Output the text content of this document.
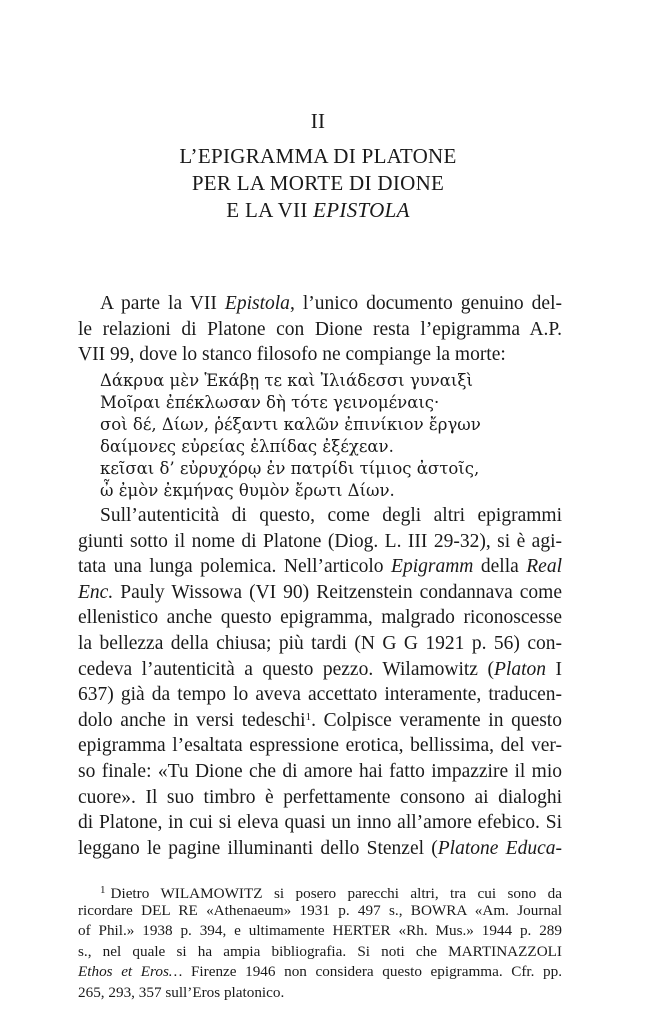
II
L’EPIGRAMMA DI PLATONE
PER LA MORTE DI DIONE
E LA VII EPISTOLA
A parte la VII Epistola, l’unico documento genuino del-
le relazioni di Platone con Dione resta l’epigramma A.P.
VII 99, dove lo stanco filosofo ne compiange la morte:
Δάκρυα μὲν Ἑκάβῃ τε καὶ Ἰλιάδεσσι γυναιξὶ
Μοῖραι ἐπέκλωσαν δὴ τότε γεινομέναις·
σοὶ δέ, Δίων, ῥέξαντι καλῶν ἐπινίκιον ἔργων
δαίμονες εὐρείας ἐλπίδας ἐξέχεαν.
κεῖσαι δ’ εὐρυχόρῳ ἐν πατρίδι τίμιος ἀστοῖς,
ὦ ἐμὸν ἐκμήνας θυμὸν ἔρωτι Δίων.
Sull’autenticità di questo, come degli altri epigrammi
giunti sotto il nome di Platone (Diog. L. III 29-32), si è agi-
tata una lunga polemica. Nell’articolo Epigramm della Real
Enc. Pauly Wissowa (VI 90) Reitzenstein condannava come
ellenistico anche questo epigramma, malgrado riconoscesse
la bellezza della chiusa; più tardi (N G G 1921 p. 56) con-
cedeva l’autenticità a questo pezzo. Wilamowitz (Platon I
637) già da tempo lo aveva accettato interamente, traducen-
dolo anche in versi tedeschi$^1$. Colpisce veramente in questo
epigramma l’esaltata espressione erotica, bellissima, del ver-
so finale: «Tu Dione che di amore hai fatto impazzire il mio
cuore». Il suo timbro è perfettamente consono ai dialoghi
di Platone, in cui si eleva quasi un inno all’amore efebico. Si
leggano le pagine illuminanti dello Stenzel (Platone Educa-
$^1$ Dietro WILAMOWITZ si posero parecchi altri, tra cui sono da
ricordare DEL RE «Athenaeum» 1931 p. 497 s., BOWRA «Am. Journal
of Phil.» 1938 p. 394, e ultimamente HERTER «Rh. Mus.» 1944 p. 289
s., nel quale si ha ampia bibliografia. Si noti che MARTINAZZOLI
Ethos et Eros… Firenze 1946 non considera questo epigramma. Cfr. pp.
265, 293, 357 sull’Eros platonico.
